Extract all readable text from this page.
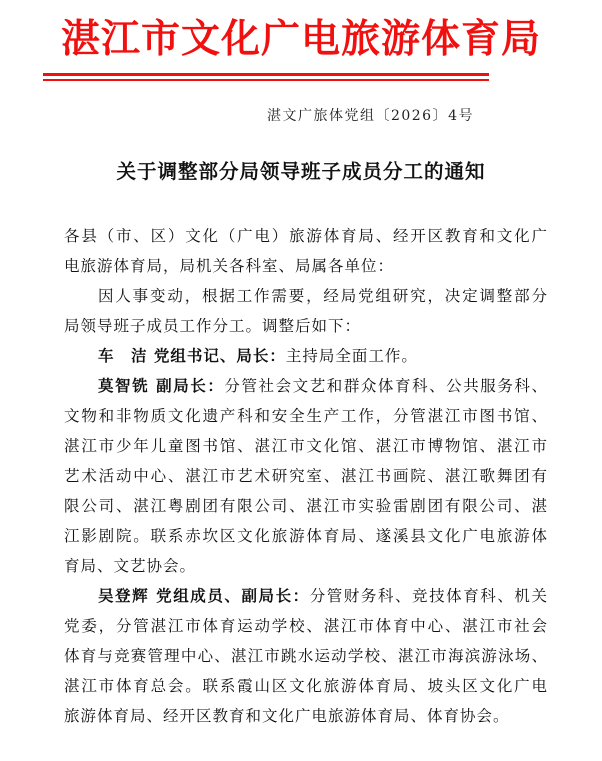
湛江市文化广电旅游体育局
湛文广旅体党组〔2026〕4号
关于调整部分局领导班子成员分工的通知
各县（市、区）文化（广电）旅游体育局、经开区教育和文化广
电旅游体育局，局机关各科室、局属各单位：
因人事变动，根据工作需要，经局党组研究，决定调整部分
局领导班子成员工作分工。调整后如下：
车　洁 党组书记、局长：主持局全面工作。
莫智铣 副局长：分管社会文艺和群众体育科、公共服务科、
文物和非物质文化遗产科和安全生产工作，分管湛江市图书馆、
湛江市少年儿童图书馆、湛江市文化馆、湛江市博物馆、湛江市
艺术活动中心、湛江市艺术研究室、湛江书画院、湛江歌舞团有
限公司、湛江粤剧团有限公司、湛江市实验雷剧团有限公司、湛
江影剧院。联系赤坎区文化旅游体育局、遂溪县文化广电旅游体
育局、文艺协会。
吴登辉 党组成员、副局长：分管财务科、竞技体育科、机关
党委，分管湛江市体育运动学校、湛江市体育中心、湛江市社会
体育与竞赛管理中心、湛江市跳水运动学校、湛江市海滨游泳场、
湛江市体育总会。联系霞山区文化旅游体育局、坡头区文化广电
旅游体育局、经开区教育和文化广电旅游体育局、体育协会。
